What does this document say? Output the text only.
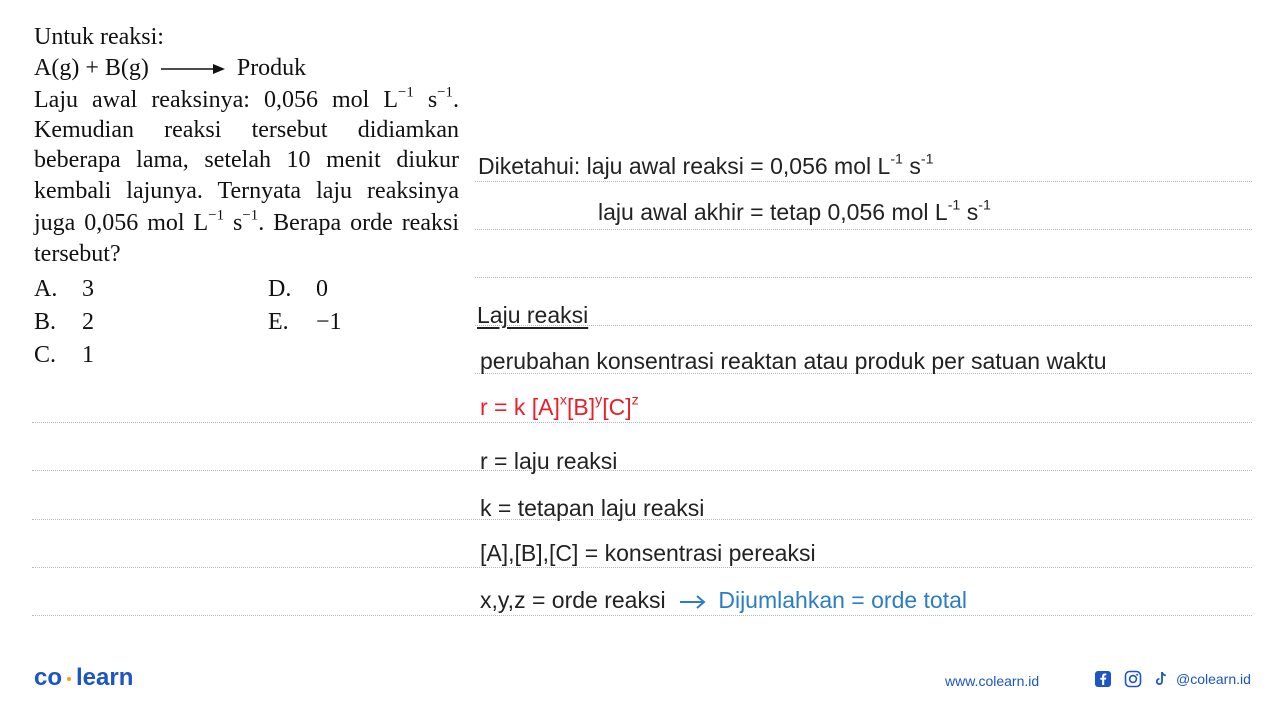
Untuk reaksi:
A(g) + B(g) → Produk
Laju awal reaksinya: 0,056 mol $L^{-1}$ $s^{-1}$.
Kemudian reaksi tersebut didiamkan
beberapa lama, setelah 10 menit diukur
kembali lajunya. Ternyata laju reaksinya
juga 0,056 mol $L^{-1}$ $s^{-1}$. Berapa orde reaksi
tersebut?
A. 3
B. 2
C. 1
D. 0
E. −1
Diketahui: laju awal reaksi = 0,056 mol $L^{-1}$ $s^{-1}$
laju awal akhir = tetap 0,056 mol $L^{-1}$ $s^{-1}$
Laju reaksi
perubahan konsentrasi reaktan atau produk per satuan waktu
r = k $[A]^x[B]^y[C]^z$
r = laju reaksi
k = tetapan laju reaksi
[A],[B],[C] = konsentrasi pereaksi
x,y,z = orde reaksi Dijumlahkan = orde total
co learn	www.colearn.id	@colearn.id
